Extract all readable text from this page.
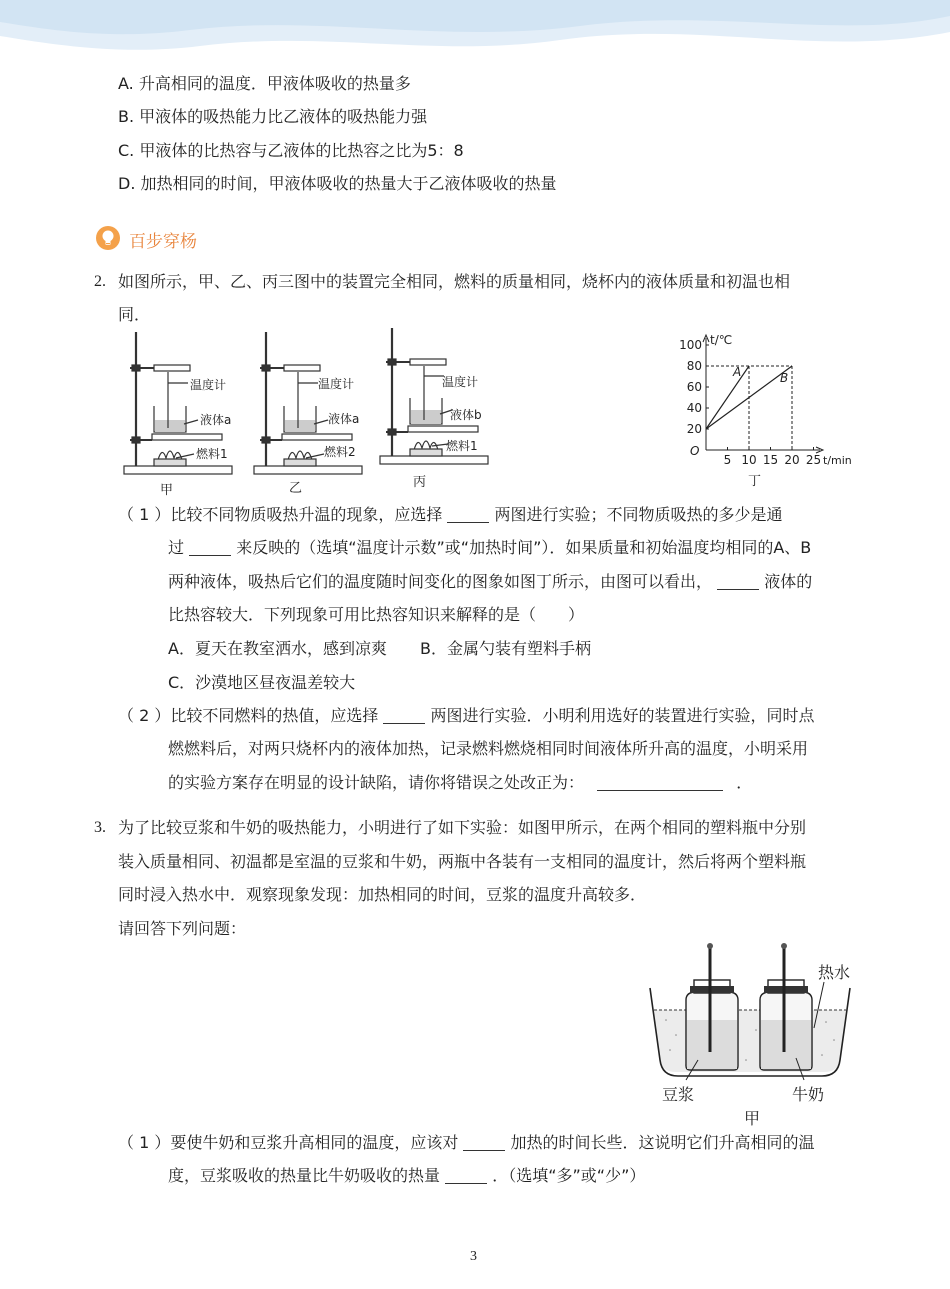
A. 升高相同的温度．甲液体吸收的热量多
B. 甲液体的吸热能力比乙液体的吸热能力强
C. 甲液体的比热容与乙液体的比热容之比为5：8
D. 加热相同的时间，甲液体吸收的热量大于乙液体吸收的热量
百步穿杨
2. 如图所示，甲、乙、丙三图中的装置完全相同，燃料的质量相同，烧杯内的液体质量和初温也相
同．
温度计
液体a
燃料1
甲
温度计
液体a
燃料2
乙
温度计
液体b
燃料1
丙
20
40
60
80
100
5 10 15 20 25
A	B
t/℃
t/min
O
丁
（ 1 ）比较不同物质吸热升温的现象，应选择	两图进行实验；不同物质吸热的多少是通
过	来反映的（选填“温度计示数”或“加热时间”）．如果质量和初始温度均相同的A、B
两种液体，吸热后它们的温度随时间变化的图象如图丁所示，由图可以看出，	液体的
比热容较大．下列现象可用比热容知识来解释的是（　　）
A．夏天在教室洒水，感到凉爽 B．金属勺装有塑料手柄
C．沙漠地区昼夜温差较大
（ 2 ）比较不同燃料的热值，应选择	两图进行实验．小明利用选好的装置进行实验，同时点
燃燃料后，对两只烧杯内的液体加热，记录燃料燃烧相同时间液体所升高的温度，小明采用
的实验方案存在明显的设计缺陷，请你将错误之处改正为：	．
3. 为了比较豆浆和牛奶的吸热能力，小明进行了如下实验：如图甲所示，在两个相同的塑料瓶中分别
装入质量相同、初温都是室温的豆浆和牛奶，两瓶中各装有一支相同的温度计，然后将两个塑料瓶
同时浸入热水中．观察现象发现：加热相同的时间，豆浆的温度升高较多．
请回答下列问题：
热水
豆浆	牛奶
甲
（ 1 ）要使牛奶和豆浆升高相同的温度，应该对	加热的时间长些．这说明它们升高相同的温
度，豆浆吸收的热量比牛奶吸收的热量	．（选填“多”或“少”）
3
